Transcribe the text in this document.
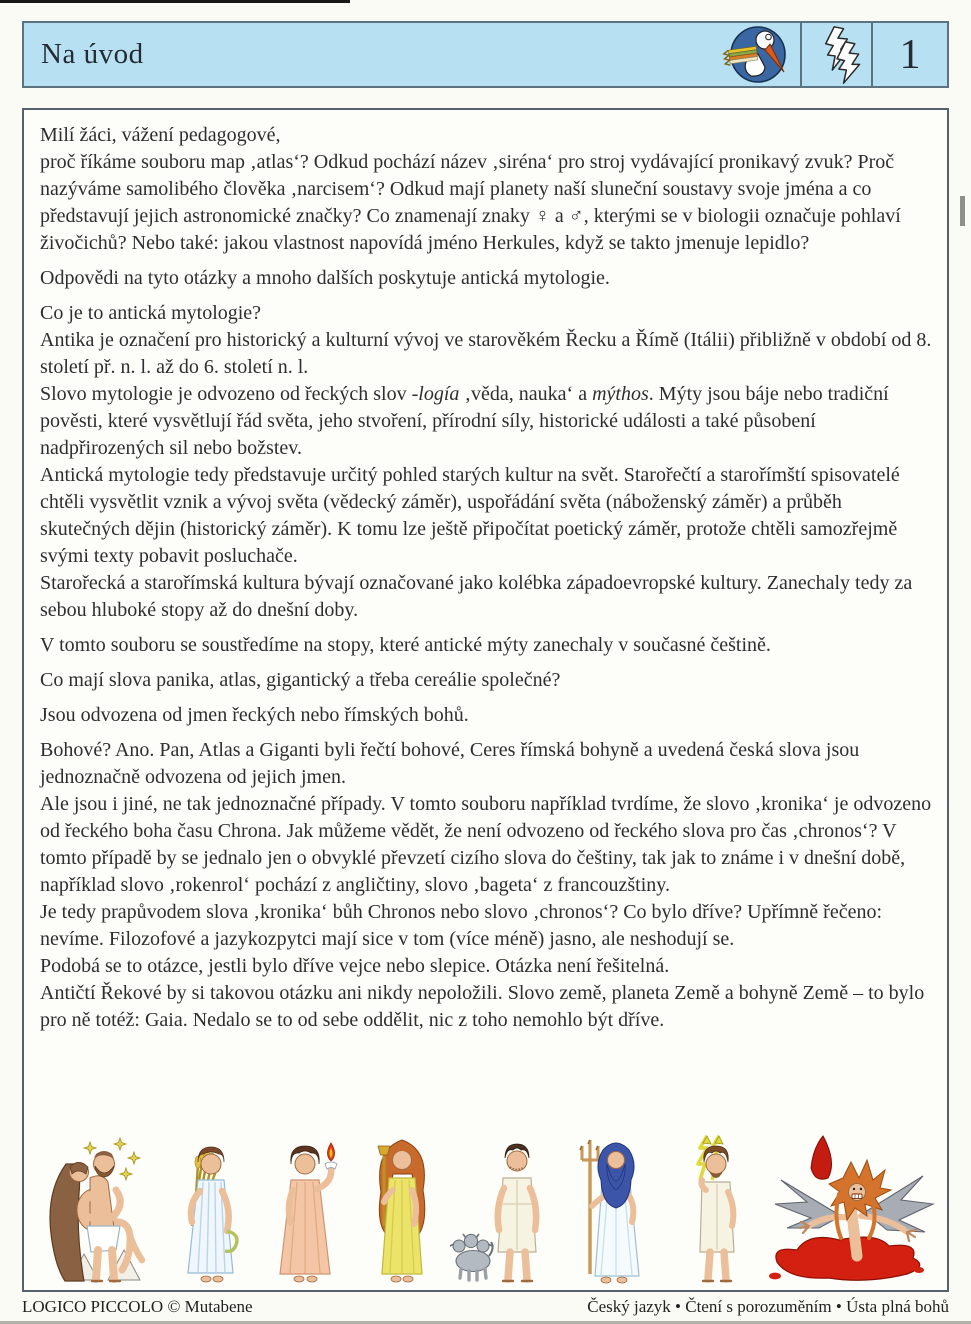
Na úvod	1

Milí žáci, vážení pedagogové,
proč říkáme souboru map ‚atlas‘? Odkud pochází název ‚siréna‘ pro stroj vydávající pronikavý zvuk? Proč nazýváme samolibého člověka ‚narcisem‘? Odkud mají planety naší sluneční soustavy svoje jména a co představují jejich astronomické značky? Co znamenají znaky ♀ a ♂, kterými se v biologii označuje pohlaví živočichů? Nebo také: jakou vlastnost napovídá jméno Herkules, když se takto jmenuje lepidlo?

Odpovědi na tyto otázky a mnoho dalších poskytuje antická mytologie.

Co je to antická mytologie?
Antika je označení pro historický a kulturní vývoj ve starověkém Řecku a Římě (Itálii) přibližně v období od 8. století př. n. l. až do 6. století n. l.
Slovo mytologie je odvozeno od řeckých slov -logía ‚věda, nauka‘ a mýthos. Mýty jsou báje nebo tradiční pověsti, které vysvětlují řád světa, jeho stvoření, přírodní síly, historické události a také působení nadpřirozených sil nebo božstev.
Antická mytologie tedy představuje určitý pohled starých kultur na svět. Starořečtí a starořímští spisovatelé chtěli vysvětlit vznik a vývoj světa (vědecký záměr), uspořádání světa (náboženský záměr) a průběh skutečných dějin (historický záměr). K tomu lze ještě připočítat poetický záměr, protože chtěli samozřejmě svými texty pobavit posluchače.
Starořecká a starořímská kultura bývají označované jako kolébka západoevropské kultury. Zanechaly tedy za sebou hluboké stopy až do dnešní doby.

V tomto souboru se soustředíme na stopy, které antické mýty zanechaly v současné češtině.

Co mají slova panika, atlas, gigantický a třeba cereálie společné?

Jsou odvozena od jmen řeckých nebo římských bohů.

Bohové? Ano. Pan, Atlas a Giganti byli řečtí bohové, Ceres římská bohyně a uvedená česká slova jsou jednoznačně odvozena od jejich jmen.
Ale jsou i jiné, ne tak jednoznačné případy. V tomto souboru například tvrdíme, že slovo ‚kronika‘ je odvozeno od řeckého boha času Chrona. Jak můžeme vědět, že není odvozeno od řeckého slova pro čas ‚chronos‘? V tomto případě by se jednalo jen o obvyklé převzetí cizího slova do češtiny, tak jak to známe i v dnešní době, například slovo ‚rokenrol‘ pochází z angličtiny, slovo ‚bageta‘ z francouzštiny.
Je tedy prapůvodem slova ‚kronika‘ bůh Chronos nebo slovo ‚chronos‘? Co bylo dříve? Upřímně řečeno: nevíme. Filozofové a jazykozpytci mají sice v tom (více méně) jasno, ale neshodují se.
Podobá se to otázce, jestli bylo dříve vejce nebo slepice. Otázka není řešitelná.
Antičtí Řekové by si takovou otázku ani nikdy nepoložili. Slovo země, planeta Země a bohyně Země – to bylo pro ně totéž: Gaia. Nedalo se to od sebe oddělit, nic z toho nemohlo být dříve.

LOGICO PICCOLO © Mutabene	Český jazyk • Čtení s porozuměním • Ústa plná bohů
